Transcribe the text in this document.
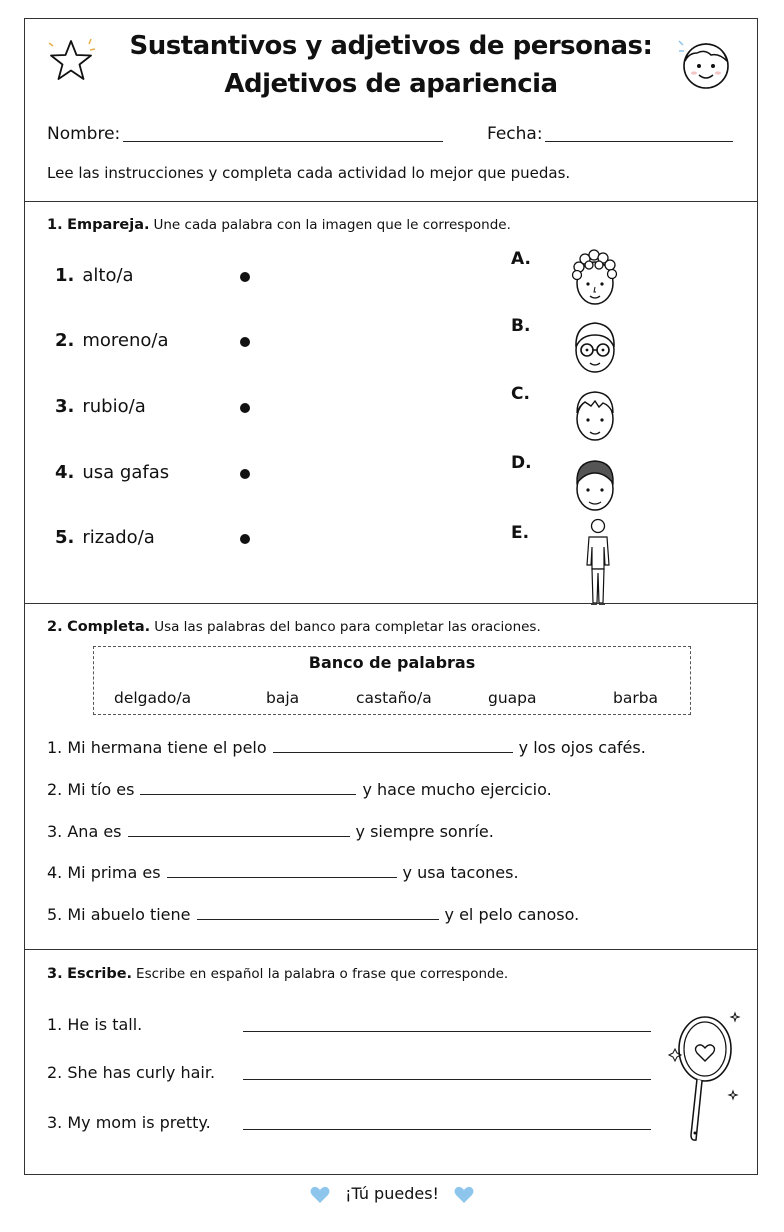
Sustantivos y adjetivos de personas:
Adjetivos de apariencia
Nombre:	Fecha:
Lee las instrucciones y completa cada actividad lo mejor que puedas.
1. Empareja. Une cada palabra con la imagen que le corresponde.
1. alto/a
2. moreno/a
3. rubio/a
4. usa gafas
5. rizado/a
A.
B.
C.
D.
E.
2. Completa. Usa las palabras del banco para completar las oraciones.
Banco de palabras
delgado/a	baja	castaño/a	guapa	barba
1. Mi hermana tiene el pelo	y los ojos cafés.
2. Mi tío es	y hace mucho ejercicio.
3. Ana es	y siempre sonríe.
4. Mi prima es	y usa tacones.
5. Mi abuelo tiene	y el pelo canoso.
3. Escribe. Escribe en español la palabra o frase que corresponde.
1. He is tall.
2. She has curly hair.
3. My mom is pretty.
¡Tú puedes!
